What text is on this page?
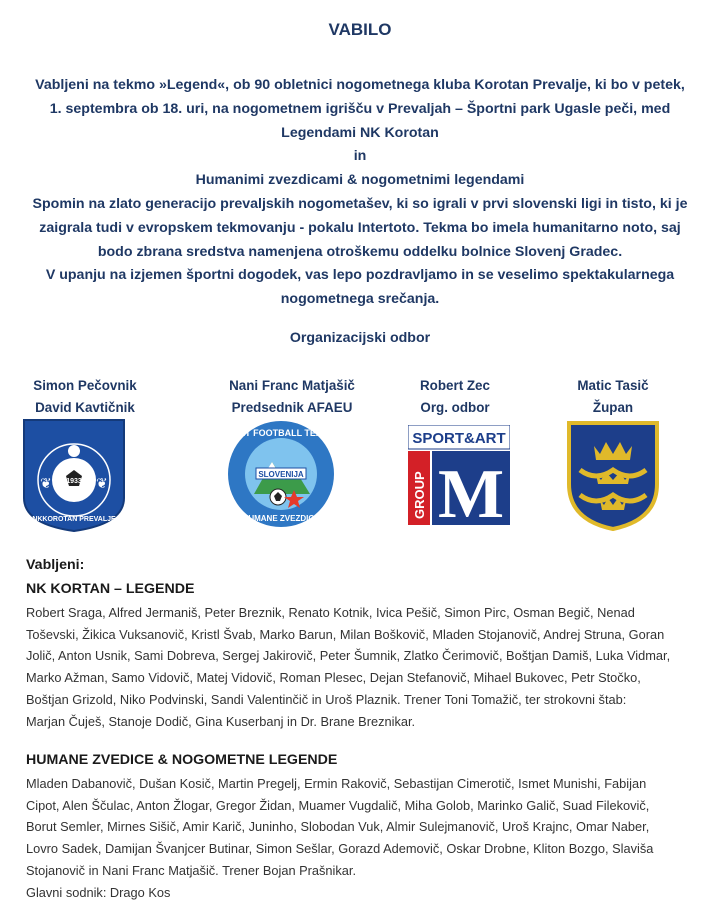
VABILO
Vabljeni na tekmo »Legend«, ob 90 obletnici nogometnega kluba Korotan Prevalje, ki bo v petek,
1. septembra ob 18. uri, na nogometnem igrišču v Prevaljah – Športni park Ugasle peči, med
Legendami NK Korotan
in
Humanimi zvezdicami & nogometnimi legendami
Spomin na zlato generacijo prevaljskih nogometašev, ki so igrali v prvi slovenski ligi in tisto, ki je
zaigrala tudi v evropskem tekmovanju - pokalu Intertoto. Tekma bo imela humanitarno noto, saj
bodo zbrana sredstva namenjena otroškemu oddelku bolnice Slovenj Gradec.
V upanju na izjemen športni dogodek, vas lepo pozdravljamo in se veselimo spektakularnega
nogometnega srečanja.
Organizacijski odbor
Simon Pečovnik
David Kavtičnik
Nani Franc Matjašič
Predsednik AFAEU
Robert Zec
Org. odbor
Matic Tasič
Župan
1933
NKKOROTAN PREVALJE
❦	❦
SLOVENIJA
ART FOOTBALL TEAM
HUMANE ZVEZDICE
SPORT&ART
GROUP M
Vabljeni:
NK KORTAN – LEGENDE
Robert Sraga, Alfred Jermaniš, Peter Breznik, Renato Kotnik, Ivica Pešič, Simon Pirc, Osman Begič, Nenad
Toševski, Žikica Vuksanovič, Kristl Švab, Marko Barun, Milan Boškovič, Mladen Stojanovič, Andrej Struna, Goran
Jolič, Anton Usnik, Sami Dobreva, Sergej Jakirovič, Peter Šumnik, Zlatko Čerimovič, Boštjan Damiš, Luka Vidmar,
Marko Ažman, Samo Vidovič, Matej Vidovič, Roman Plesec, Dejan Stefanovič, Mihael Bukovec, Petr Stočko,
Boštjan Grizold, Niko Podvinski, Sandi Valentinčič in Uroš Plaznik. Trener Toni Tomažič, ter strokovni štab:
Marjan Čuješ, Stanoje Dodič, Gina Kuserbanj in Dr. Brane Breznikar.
HUMANE ZVEDICE & NOGOMETNE LEGENDE
Mladen Dabanovič, Dušan Kosič, Martin Pregelj, Ermin Rakovič, Sebastijan Cimerotič, Ismet Munishi, Fabijan
Cipot, Alen Ščulac, Anton Žlogar, Gregor Židan, Muamer Vugdalič, Miha Golob, Marinko Galič, Suad Filekovič,
Borut Semler, Mirnes Sišič, Amir Karič, Juninho, Slobodan Vuk, Almir Sulejmanovič, Uroš Krajnc, Omar Naber,
Lovro Sadek, Damijan Švanjcer Butinar, Simon Sešlar, Gorazd Ademovič, Oskar Drobne, Kliton Bozgo, Slaviša
Stojanovič in Nani Franc Matjašič. Trener Bojan Prašnikar.
Glavni sodnik: Drago Kos
